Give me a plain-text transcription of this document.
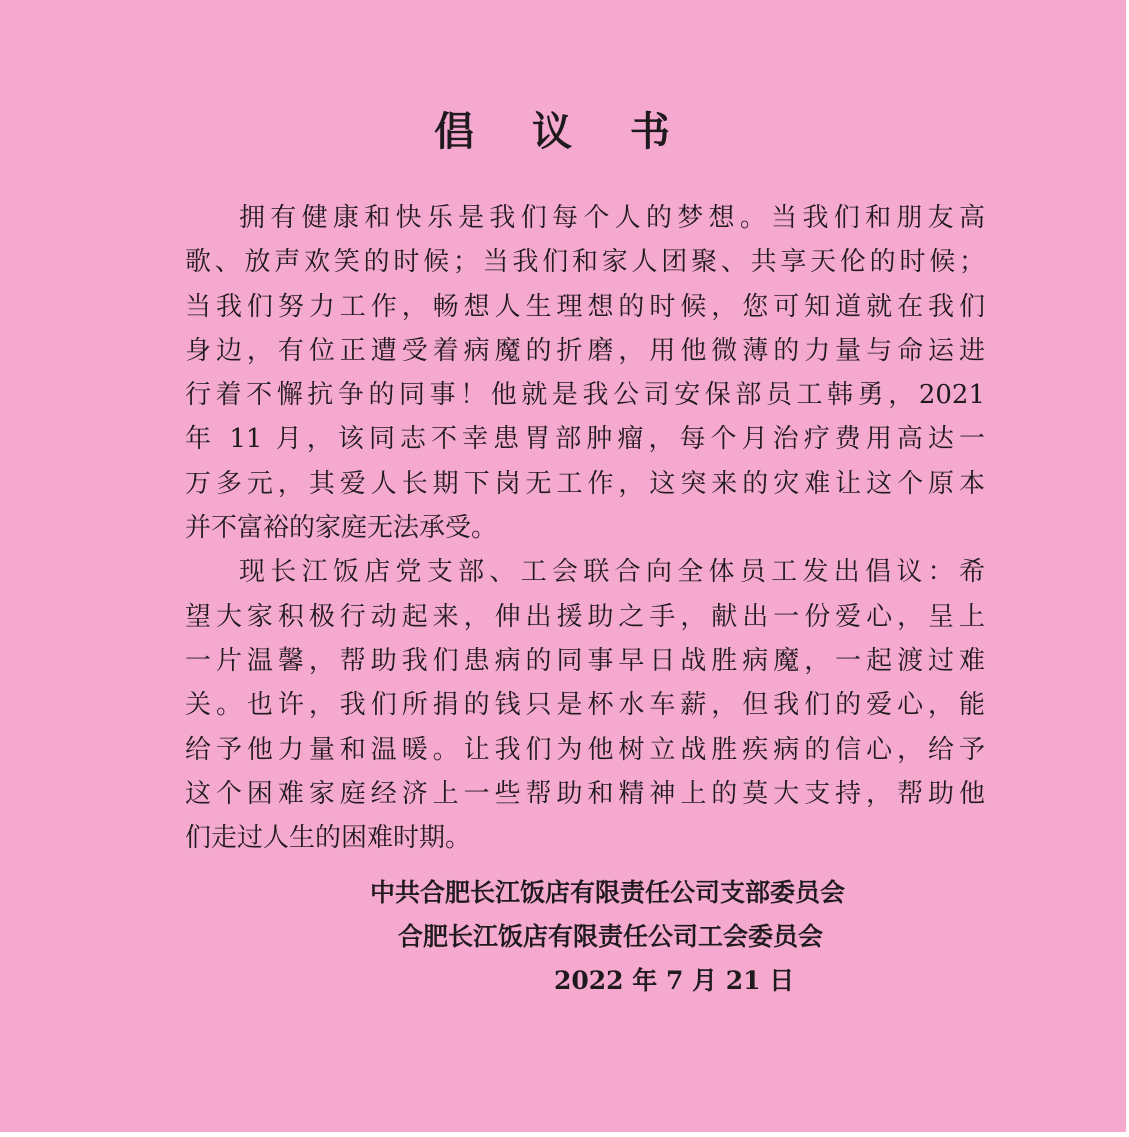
倡 议 书
拥有健康和快乐是我们每个人的梦想。当我们和朋友高
歌、放声欢笑的时候；当我们和家人团聚、共享天伦的时候；
当我们努力工作，畅想人生理想的时候，您可知道就在我们
身边，有位正遭受着病魔的折磨，用他微薄的力量与命运进
行着不懈抗争的同事！他就是我公司安保部员工韩勇，2021
年 11 月，该同志不幸患胃部肿瘤，每个月治疗费用高达一
万多元，其爱人长期下岗无工作，这突来的灾难让这个原本
并不富裕的家庭无法承受。
现长江饭店党支部、工会联合向全体员工发出倡议：希
望大家积极行动起来，伸出援助之手，献出一份爱心，呈上
一片温馨，帮助我们患病的同事早日战胜病魔，一起渡过难
关。也许，我们所捐的钱只是杯水车薪，但我们的爱心，能
给予他力量和温暖。让我们为他树立战胜疾病的信心，给予
这个困难家庭经济上一些帮助和精神上的莫大支持，帮助他
们走过人生的困难时期。
中共合肥长江饭店有限责任公司支部委员会
合肥长江饭店有限责任公司工会委员会
2022 年 7 月 21 日
